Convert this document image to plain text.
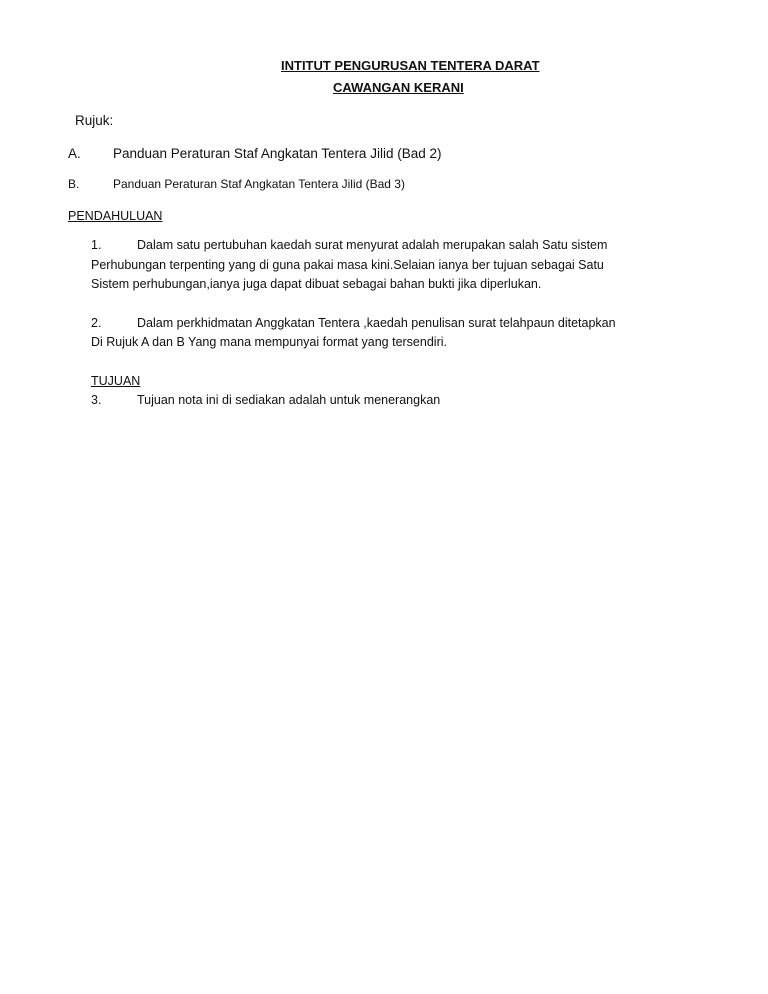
INTITUT PENGURUSAN TENTERA DARAT
CAWANGAN KERANI
Rujuk:
A. Panduan Peraturan Staf Angkatan Tentera Jilid (Bad 2)
B.	Panduan Peraturan Staf Angkatan Tentera Jilid (Bad 3)
PENDAHULUAN
1.	Dalam satu pertubuhan kaedah surat menyurat adalah merupakan salah Satu sistem
Perhubungan terpenting yang di guna pakai masa kini.Selaian ianya ber tujuan sebagai Satu
Sistem perhubungan,ianya juga dapat dibuat sebagai bahan bukti jika diperlukan.
2.	Dalam perkhidmatan Anggkatan Tentera ,kaedah penulisan surat telahpaun ditetapkan
Di Rujuk A dan B Yang mana mempunyai format yang tersendiri.
TUJUAN
3.	Tujuan nota ini di sediakan adalah untuk menerangkan
